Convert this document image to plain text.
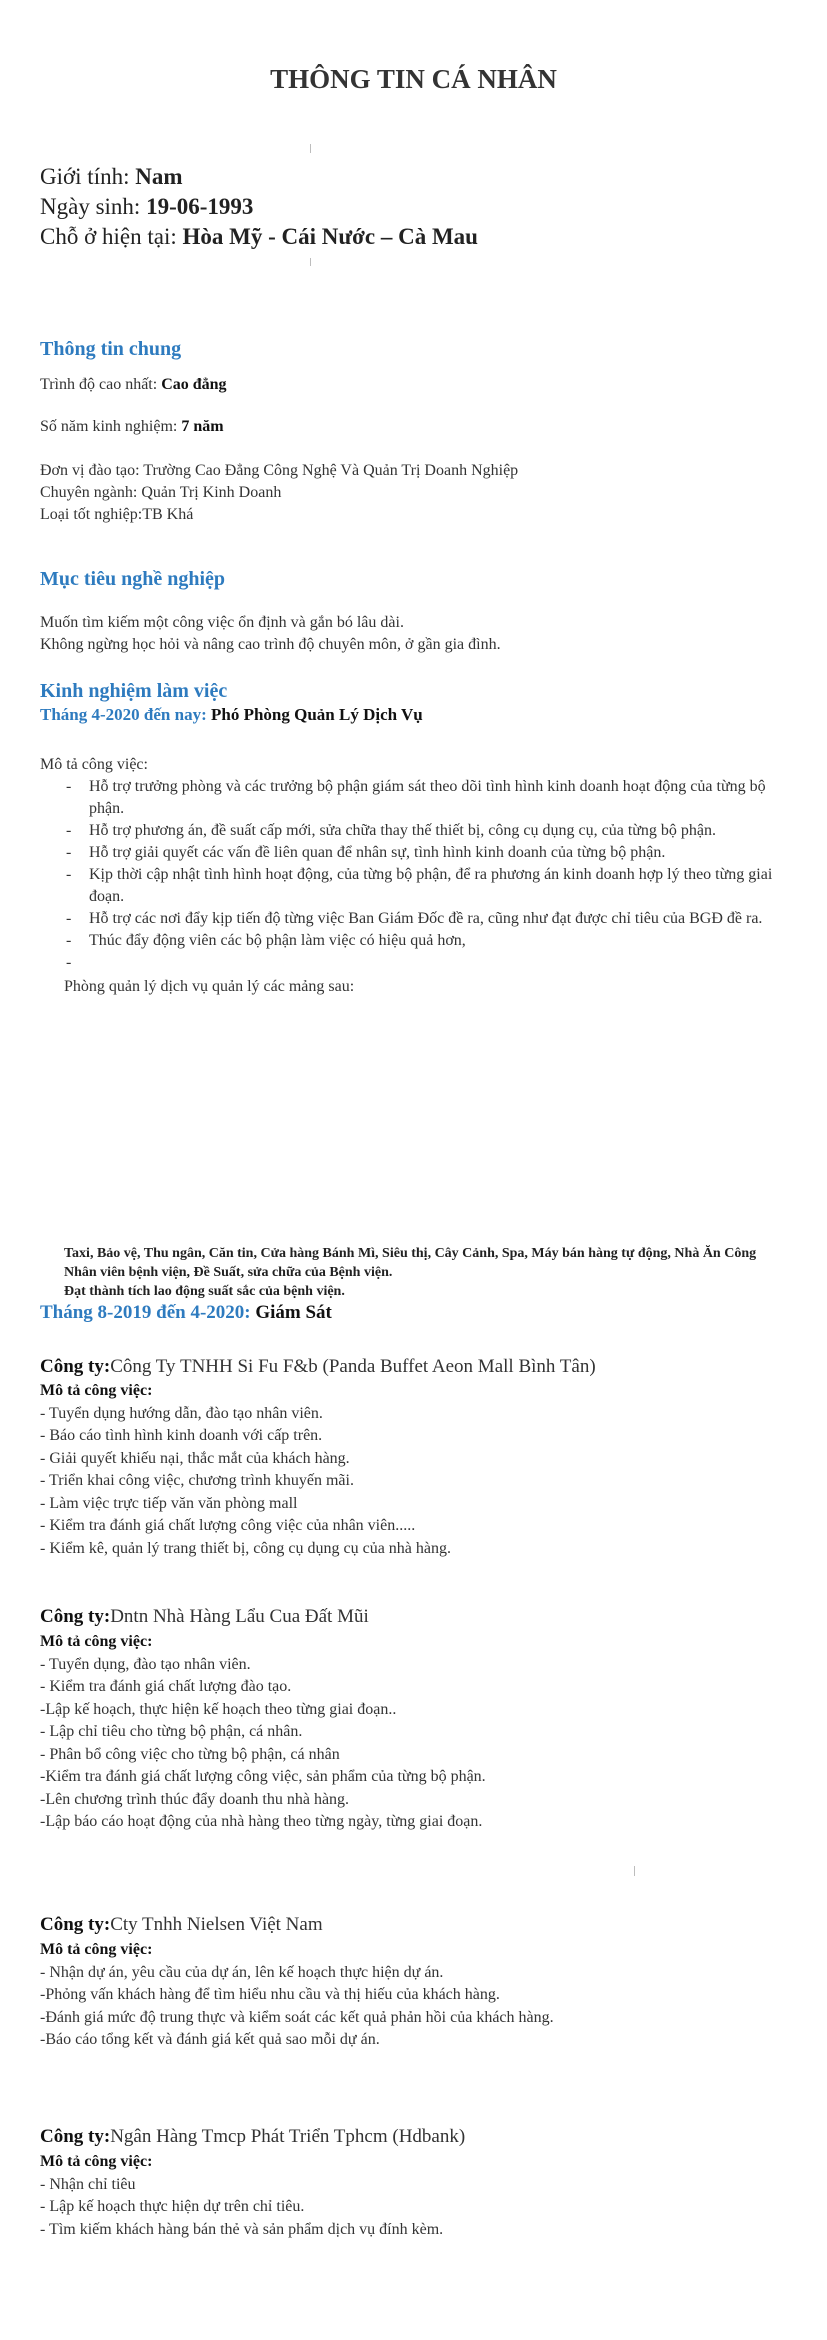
THÔNG TIN CÁ NHÂN
Giới tính: Nam
Ngày sinh: 19-06-1993
Chỗ ở hiện tại: Hòa Mỹ - Cái Nước – Cà Mau
Thông tin chung
Trình độ cao nhất: Cao đẳng
Số năm kinh nghiệm: 7 năm
Đơn vị đào tạo: Trường Cao Đẳng Công Nghệ Và Quản Trị Doanh Nghiệp
Chuyên ngành: Quản Trị Kinh Doanh
Loại tốt nghiệp:TB Khá
Mục tiêu nghề nghiệp
Muốn tìm kiếm một công việc ổn định và gắn bó lâu dài.
Không ngừng học hỏi và nâng cao trình độ chuyên môn, ở gần gia đình.
Kinh nghiệm làm việc
Tháng 4-2020 đến nay: Phó Phòng Quản Lý Dịch Vụ
Mô tả công việc:
- Hỗ trợ trưởng phòng và các trưởng bộ phận giám sát theo dõi tình hình kinh doanh hoạt động của từng bộ phận.
- Hỗ trợ phương án, đề suất cấp mới, sửa chữa thay thế thiết bị, công cụ dụng cụ, của từng bộ phận.
- Hỗ trợ giải quyết các vấn đề liên quan để nhân sự, tình hình kinh doanh của từng bộ phận.
- Kịp thời cập nhật tình hình hoạt động, của từng bộ phận, để ra phương án kinh doanh hợp lý theo từng giai đoạn.
- Hỗ trợ các nơi đẩy kịp tiến độ từng việc Ban Giám Đốc đề ra, cũng như đạt được chỉ tiêu của BGĐ đề ra.
- Thúc đẩy động viên các bộ phận làm việc có hiệu quả hơn,
-
Phòng quản lý dịch vụ quản lý các mảng sau:
Taxi, Bảo vệ, Thu ngân, Căn tin, Cửa hàng Bánh Mì, Siêu thị, Cây Cảnh, Spa, Máy bán hàng tự động, Nhà Ăn Công Nhân viên bệnh viện, Đề Suất, sửa chữa của Bệnh viện.
Đạt thành tích lao động suất sắc của bệnh viện.
Tháng 8-2019 đến 4-2020: Giám Sát
Công ty:Công Ty TNHH Si Fu F&b (Panda Buffet Aeon Mall Bình Tân)
Mô tả công việc:
- Tuyển dụng hướng dẫn, đào tạo nhân viên.
- Báo cáo tình hình kinh doanh với cấp trên.
- Giải quyết khiếu nại, thắc mắt của khách hàng.
- Triển khai công việc, chương trình khuyến mãi.
- Làm việc trực tiếp văn văn phòng mall
- Kiểm tra đánh giá chất lượng công việc của nhân viên.....
- Kiểm kê, quản lý trang thiết bị, công cụ dụng cụ của nhà hàng.
Công ty:Dntn Nhà Hàng Lẩu Cua Đất Mũi
Mô tả công việc:
- Tuyển dụng, đào tạo nhân viên.
- Kiểm tra đánh giá chất lượng đào tạo.
-Lập kế hoạch, thực hiện kế hoạch theo từng giai đoạn..
- Lập chỉ tiêu cho từng bộ phận, cá nhân.
- Phân bổ công việc cho từng bộ phận, cá nhân
-Kiểm tra đánh giá chất lượng công việc, sản phẩm của từng bộ phận.
-Lên chương trình thúc đẩy doanh thu nhà hàng.
-Lập báo cáo hoạt động của nhà hàng theo từng ngày, từng giai đoạn.
Công ty:Cty Tnhh Nielsen Việt Nam
Mô tả công việc:
- Nhận dự án, yêu cầu của dự án, lên kế hoạch thực hiện dự án.
-Phỏng vấn khách hàng để tìm hiểu nhu cầu và thị hiếu của khách hàng.
-Đánh giá mức độ trung thực và kiểm soát các kết quả phản hồi của khách hàng.
-Báo cáo tổng kết và đánh giá kết quả sao mỗi dự án.
Công ty:Ngân Hàng Tmcp Phát Triển Tphcm (Hdbank)
Mô tả công việc:
- Nhận chỉ tiêu
- Lập kế hoạch thực hiện dự trên chỉ tiêu.
- Tìm kiếm khách hàng bán thẻ và sản phẩm dịch vụ đính kèm.
